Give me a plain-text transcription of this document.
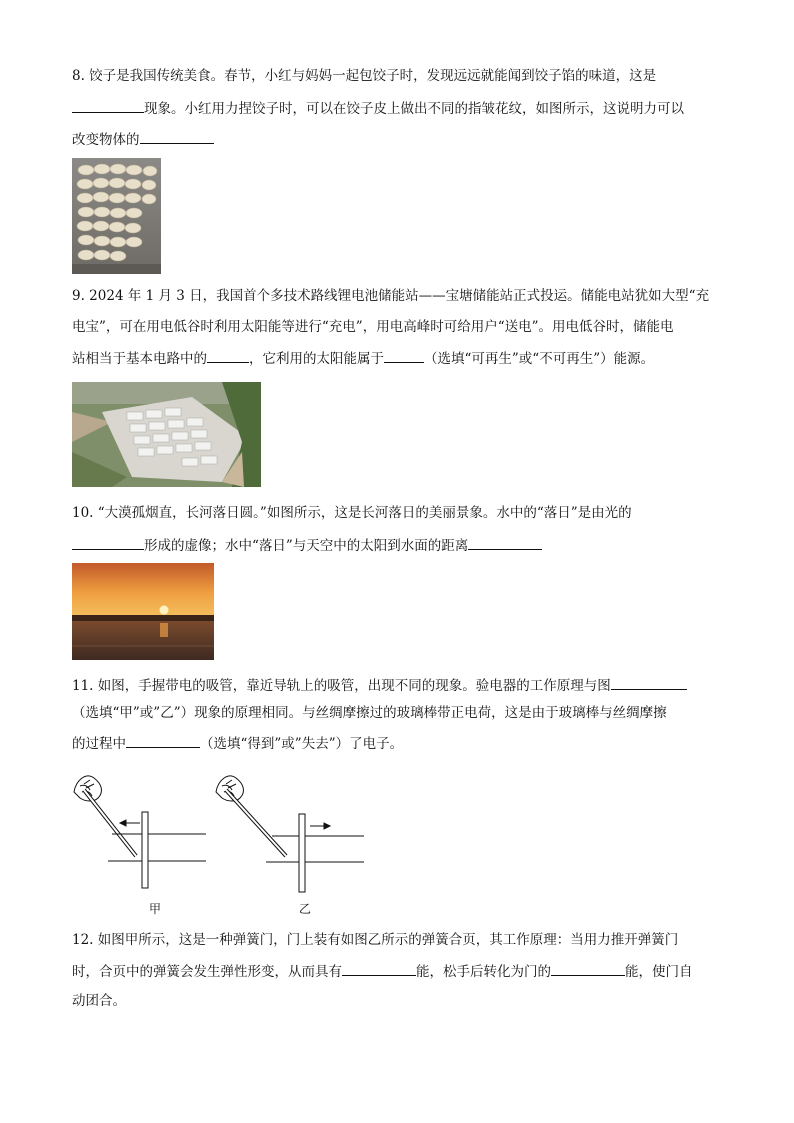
8. 饺子是我国传统美食。春节，小红与妈妈一起包饺子时，发现远远就能闻到饺子馅的味道，这是
现象。小红用力捏饺子时，可以在饺子皮上做出不同的指皱花纹，如图所示，这说明力可以
改变物体的
9. 2024 年 1 月 3 日，我国首个多技术路线锂电池储能站——宝塘储能站正式投运。储能电站犹如大型“充
电宝”，可在用电低谷时利用太阳能等进行“充电”，用电高峰时可给用户“送电”。用电低谷时，储能电
站相当于基本电路中的	，它利用的太阳能属于	（选填“可再生”或“不可再生”）能源。
10. “大漠孤烟直，长河落日圆。”如图所示，这是长河落日的美丽景象。水中的“落日”是由光的
形成的虚像；水中“落日”与天空中的太阳到水面的距离
11. 如图，手握带电的吸管，靠近导轨上的吸管，出现不同的现象。验电器的工作原理与图
（选填“甲”或”乙”）现象的原理相同。与丝绸摩擦过的玻璃棒带正电荷，这是由于玻璃棒与丝绸摩擦
的过程中	（选填“得到”或”失去”）了电子。
甲	乙
12. 如图甲所示，这是一种弹簧门，门上装有如图乙所示的弹簧合页，其工作原理：当用力推开弹簧门
时，合页中的弹簧会发生弹性形变，从而具有	能，松手后转化为门的	能，使门自
动团合。
